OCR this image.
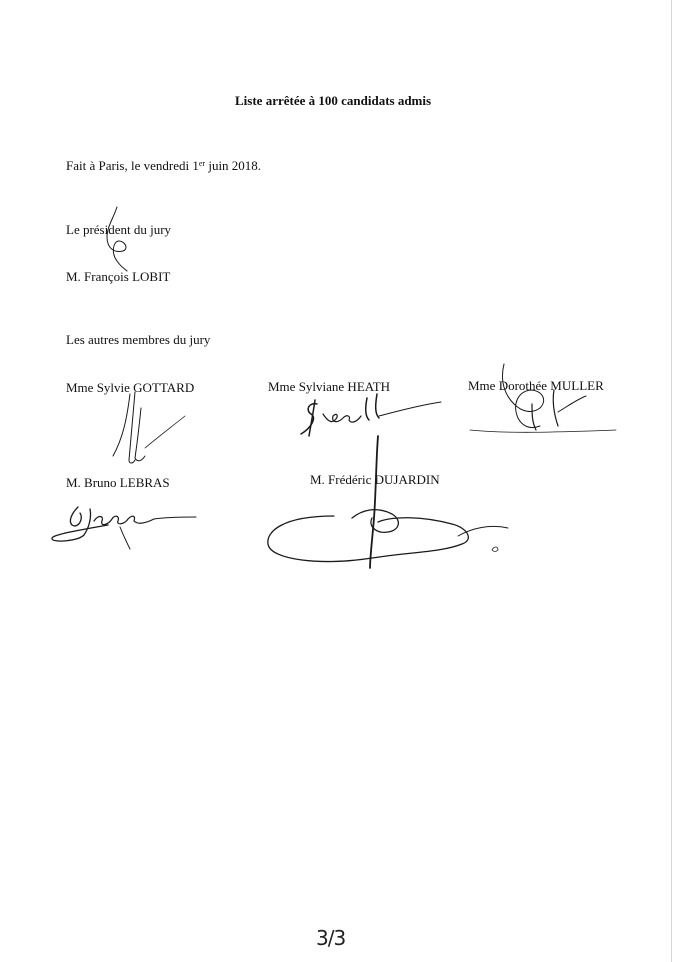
Liste arrêtée à 100 candidats admis
Fait à Paris, le vendredi 1er juin 2018.
Le président du jury
M. François LOBIT
Les autres membres du jury
Mme Sylvie GOTTARD	Mme Sylviane HEATH	Mme Dorothée MULLER
M. Bruno LEBRAS	M. Frédéric DUJARDIN
3/3
